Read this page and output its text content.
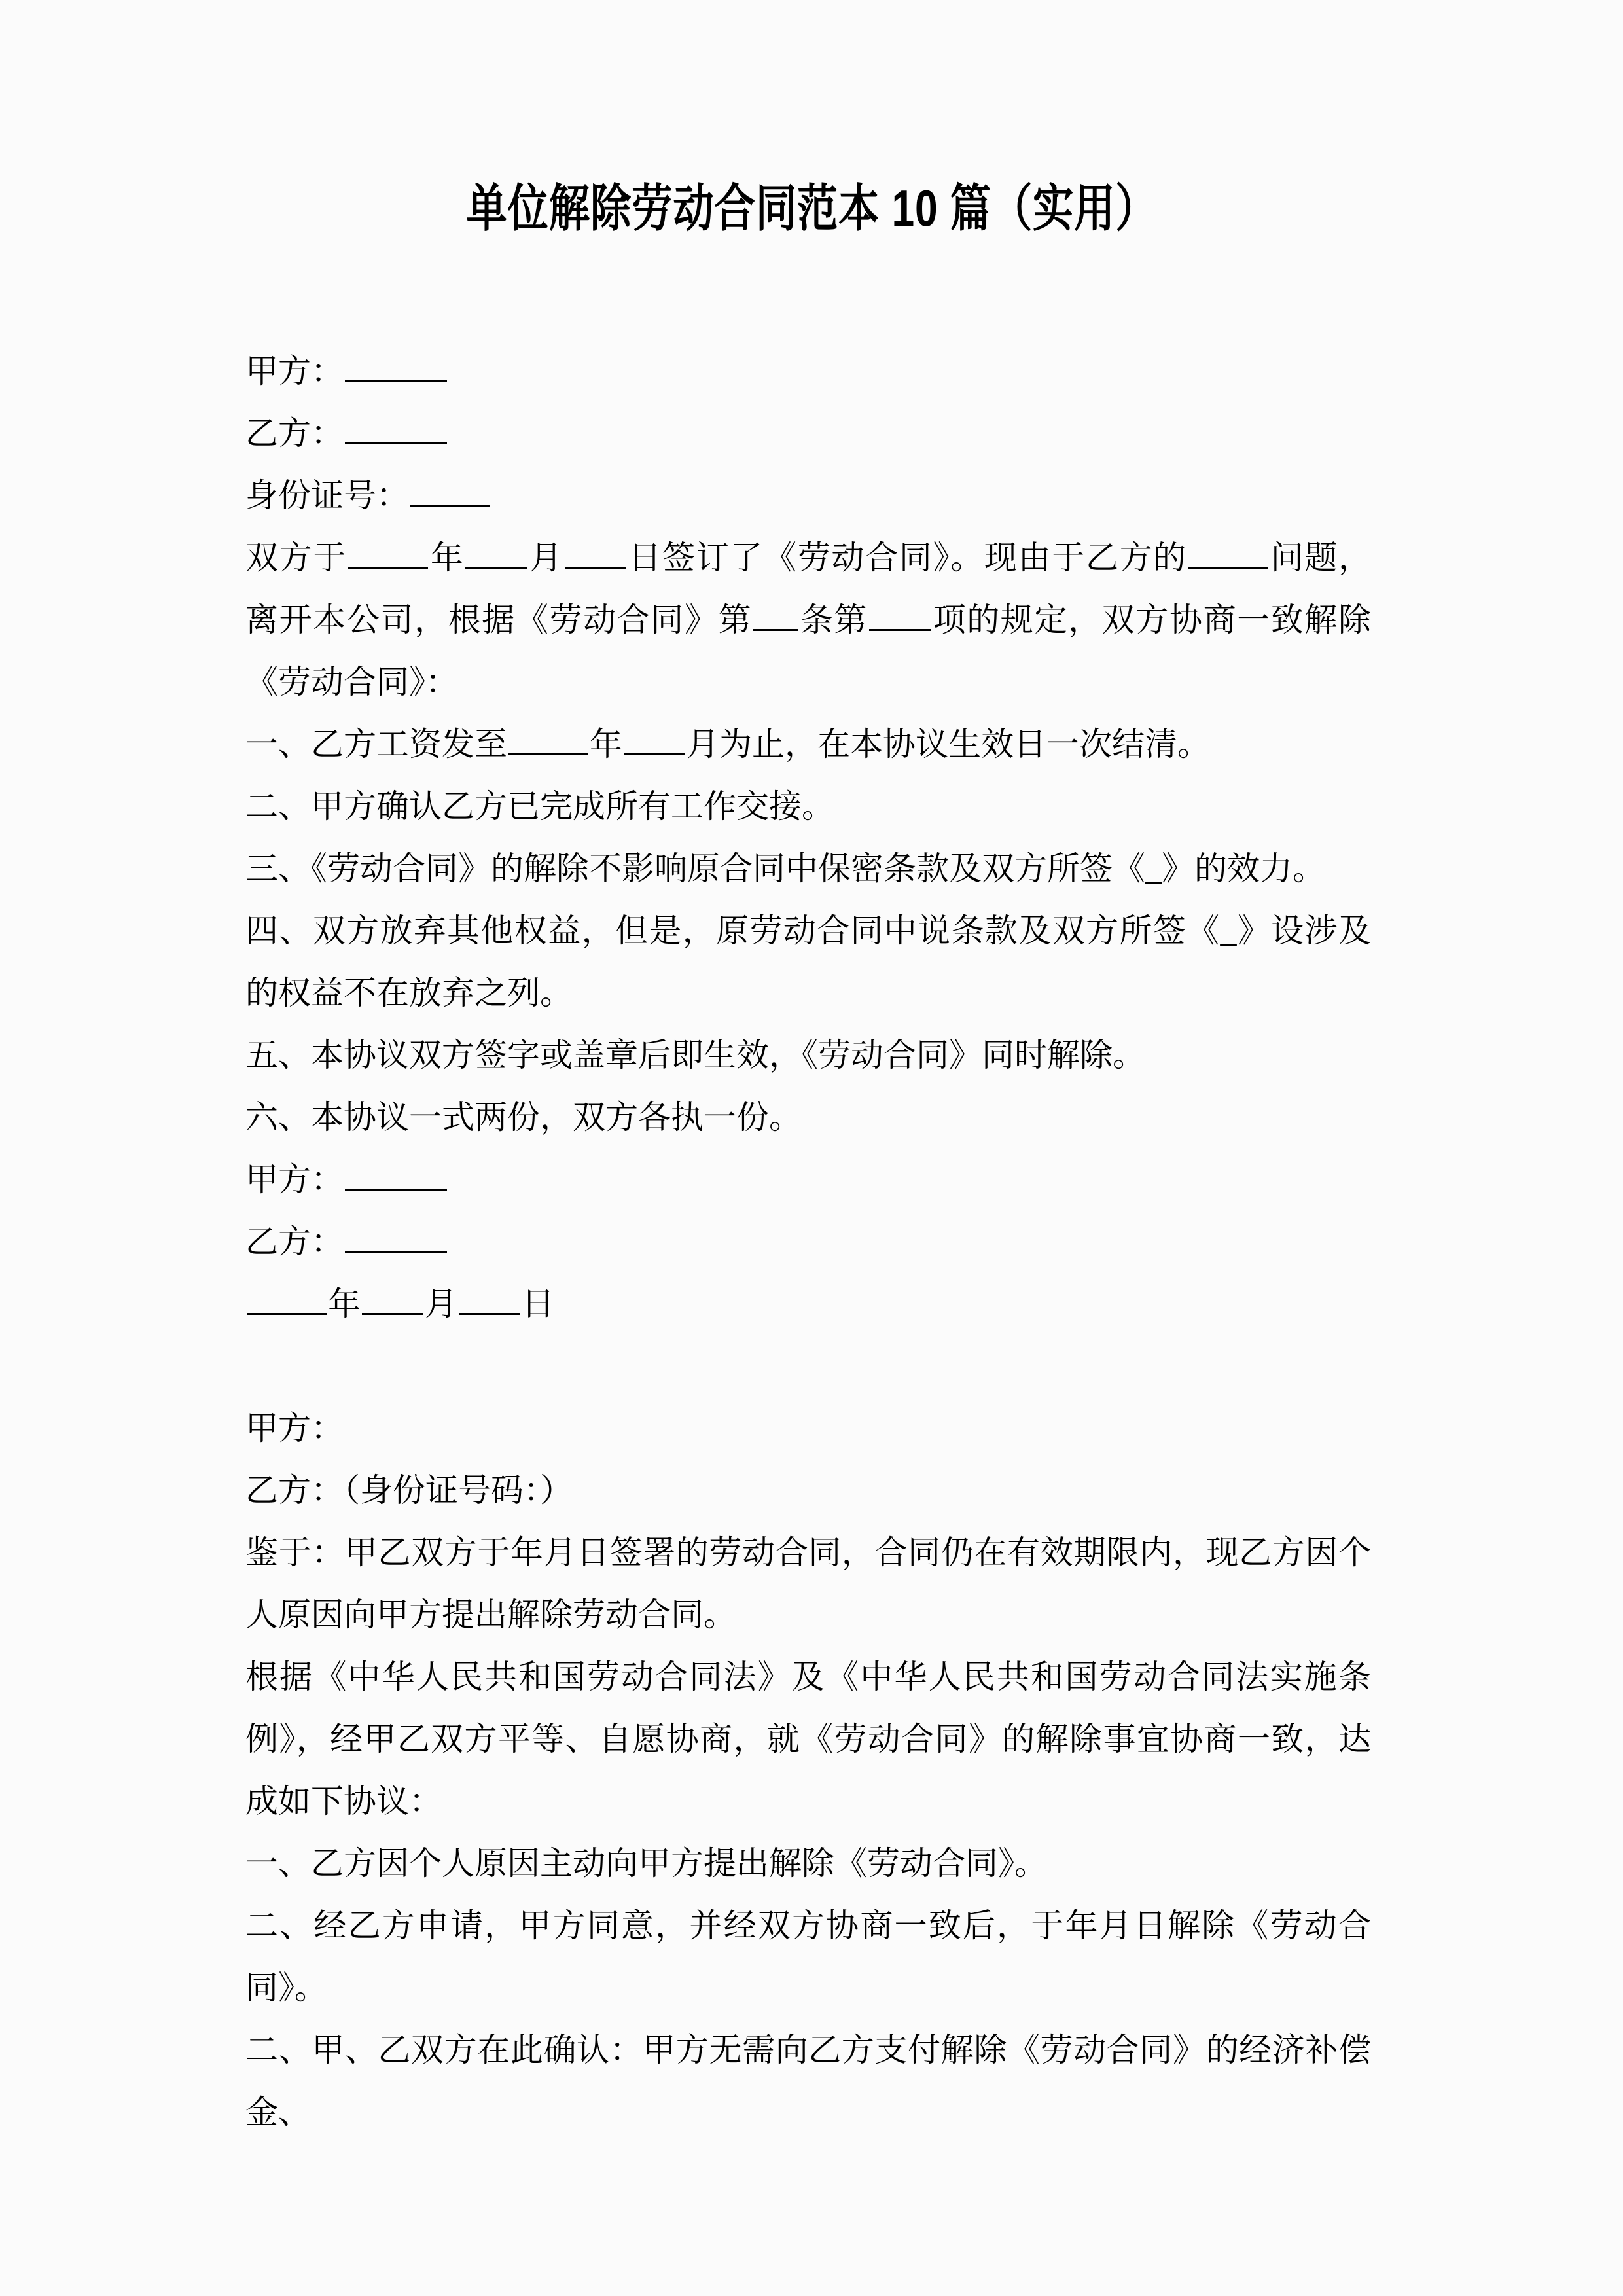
单位解除劳动合同范本 10 篇（实用）
甲方：
乙方：
身份证号：
双方于	年 月 日签订了《劳动合同》。现由于乙方的	问题，离开本公司，根据《劳动合同》第 条第 项的规定，双方协商一致解除《劳动合同》：
一、乙方工资发至	年 月为止，在本协议生效日一次结清。
二、甲方确认乙方已完成所有工作交接。
三、《劳动合同》的解除不影响原合同中保密条款及双方所签《_》的效力。
四、双方放弃其他权益，但是，原劳动合同中说条款及双方所签《_》设涉及的权益不在放弃之列。
五、本协议双方签字或盖章后即生效，《劳动合同》同时解除。
六、本协议一式两份，双方各执一份。
甲方：
乙方：
年 月 日
甲方：
乙方：（身份证号码：）
鉴于：甲乙双方于年月日签署的劳动合同，合同仍在有效期限内，现乙方因个人原因向甲方提出解除劳动合同。
根据《中华人民共和国劳动合同法》及《中华人民共和国劳动合同法实施条例》，经甲乙双方平等、自愿协商，就《劳动合同》的解除事宜协商一致，达成如下协议：
一、乙方因个人原因主动向甲方提出解除《劳动合同》。
二、经乙方申请，甲方同意，并经双方协商一致后，于年月日解除《劳动合同》。
二、甲、乙双方在此确认：甲方无需向乙方支付解除《劳动合同》的经济补偿金、
